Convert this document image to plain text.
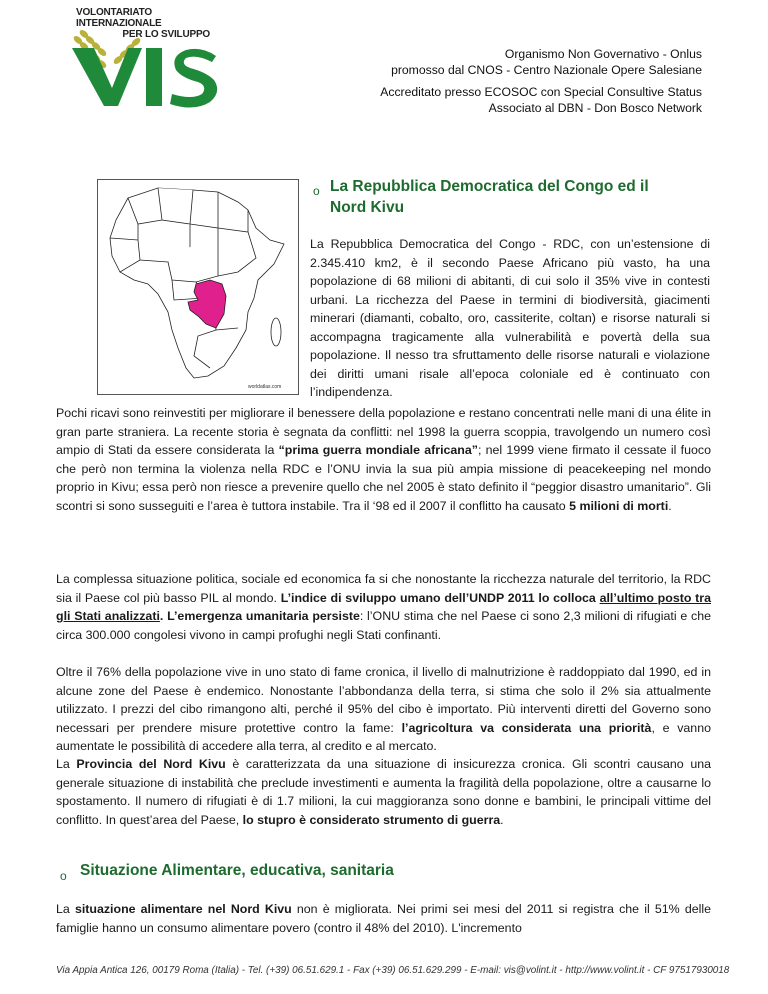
VOLONTARIATO INTERNAZIONALE
PER LO SVILUPPO
Organismo Non Governativo - Onlus
promosso dal CNOS - Centro Nazionale Opere Salesiane
Accreditato presso ECOSOC con Special Consultive Status
Associato al DBN - Don Bosco Network
worldatlas.com
o La Repubblica Democratica del Congo ed il
Nord Kivu
La Repubblica Democratica del Congo - RDC, con un’estensione di 2.345.410 km2, è il secondo Paese Africano più vasto, ha una popolazione di 68 milioni di abitanti, di cui solo il 35% vive in contesti urbani. La ricchezza del Paese in termini di biodiversità, giacimenti minerari (diamanti, cobalto, oro, cassiterite, coltan) e risorse naturali si accompagna tragicamente alla vulnerabilità e povertà della sua popolazione. Il nesso tra sfruttamento delle risorse naturali e violazione dei diritti umani risale all’epoca coloniale ed è continuato con l’indipendenza.
Pochi ricavi sono reinvestiti per migliorare il benessere della popolazione e restano concentrati nelle mani di una élite in gran parte straniera. La recente storia è segnata da conflitti: nel 1998 la guerra scoppia, travolgendo un numero così ampio di Stati da essere considerata la “prima guerra mondiale africana”; nel 1999 viene firmato il cessate il fuoco che però non termina la violenza nella RDC e l’ONU invia la sua più ampia missione di peacekeeping nel mondo proprio in Kivu; essa però non riesce a prevenire quello che nel 2005 è stato definito il “peggior disastro umanitario”. Gli scontri si sono susseguiti e l’area è tuttora instabile. Tra il ‘98 ed il 2007 il conflitto ha causato 5 milioni di morti.
La complessa situazione politica, sociale ed economica fa si che nonostante la ricchezza naturale del territorio, la RDC sia il Paese col più basso PIL al mondo. L’indice di sviluppo umano dell’UNDP 2011 lo colloca all’ultimo posto tra gli Stati analizzati. L’emergenza umanitaria persiste: l’ONU stima che nel Paese ci sono 2,3 milioni di rifugiati e che circa 300.000 congolesi vivono in campi profughi negli Stati confinanti.
Oltre il 76% della popolazione vive in uno stato di fame cronica, il livello di malnutrizione è raddoppiato dal 1990, ed in alcune zone del Paese è endemico. Nonostante l’abbondanza della terra, si stima che solo il 2% sia attualmente utilizzato. I prezzi del cibo rimangono alti, perché il 95% del cibo è importato. Più interventi diretti del Governo sono necessari per prendere misure protettive contro la fame: l’agricoltura va considerata una priorità, e vanno aumentate le possibilità di accedere alla terra, al credito e al mercato.
La Provincia del Nord Kivu è caratterizzata da una situazione di insicurezza cronica. Gli scontri causano una generale situazione di instabilità che preclude investimenti e aumenta la fragilità della popolazione, oltre a causarne lo spostamento. Il numero di rifugiati è di 1.7 milioni, la cui maggioranza sono donne e bambini, le principali vittime del conflitto. In quest’area del Paese, lo stupro è considerato strumento di guerra.
o Situazione Alimentare, educativa, sanitaria
La situazione alimentare nel Nord Kivu non è migliorata. Nei primi sei mesi del 2011 si registra che il 51% delle famiglie hanno un consumo alimentare povero (contro il 48% del 2010). L'incremento
Via Appia Antica 126, 00179 Roma (Italia) - Tel. (+39) 06.51.629.1 - Fax (+39) 06.51.629.299 - E-mail: vis@volint.it - http://www.volint.it - CF 97517930018
